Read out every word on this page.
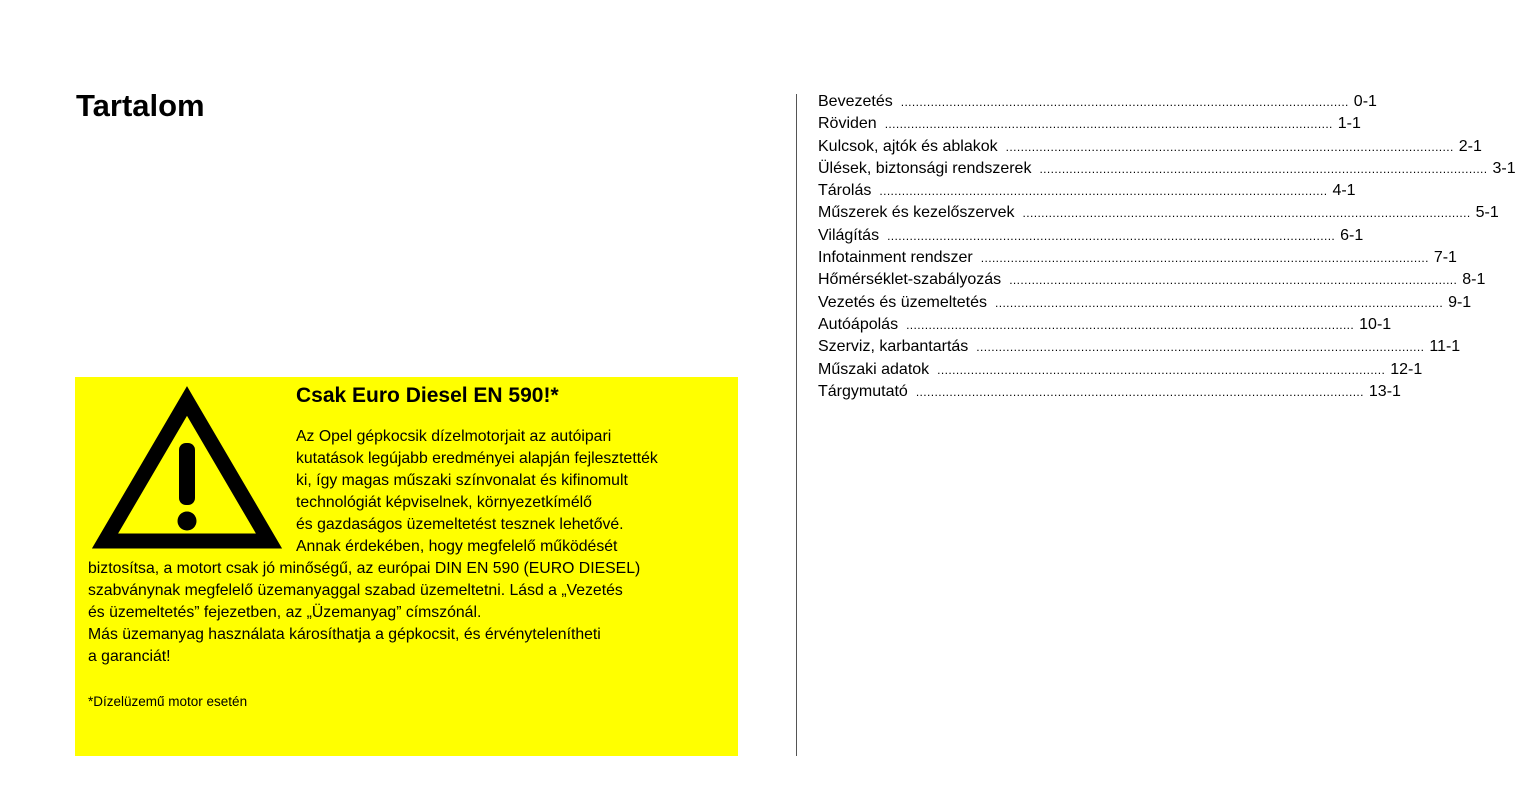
Tartalom
Csak Euro Diesel EN 590!*
Az Opel gépkocsik dízelmotorjait az autóipari
kutatások legújabb eredményei alapján fejlesztették
ki, így magas műszaki színvonalat és kifinomult
technológiát képviselnek, környezetkímélő
és gazdaságos üzemeltetést tesznek lehetővé.
Annak érdekében, hogy megfelelő működését
biztosítsa, a motort csak jó minőségű, az európai DIN EN 590 (EURO DIESEL)
szabványnak megfelelő üzemanyaggal szabad üzemeltetni. Lásd a „Vezetés
és üzemeltetés” fejezetben, az „Üzemanyag” címszónál.
Más üzemanyag használata károsíthatja a gépkocsit, és érvénytelenítheti
a garanciát!
*Dízelüzemű motor esetén
Bevezetés ........................................................................................................................ 0-1
Röviden ........................................................................................................................ 1-1
Kulcsok, ajtók és ablakok ........................................................................................................................ 2-1
Ülések, biztonsági rendszerek ........................................................................................................................ 3-1
Tárolás ........................................................................................................................ 4-1
Műszerek és kezelőszervek ........................................................................................................................ 5-1
Világítás ........................................................................................................................ 6-1
Infotainment rendszer ........................................................................................................................ 7-1
Hőmérséklet-szabályozás ........................................................................................................................ 8-1
Vezetés és üzemeltetés ........................................................................................................................ 9-1
Autóápolás ........................................................................................................................ 10-1
Szerviz, karbantartás ........................................................................................................................ 11-1
Műszaki adatok ........................................................................................................................ 12-1
Tárgymutató ........................................................................................................................ 13-1
